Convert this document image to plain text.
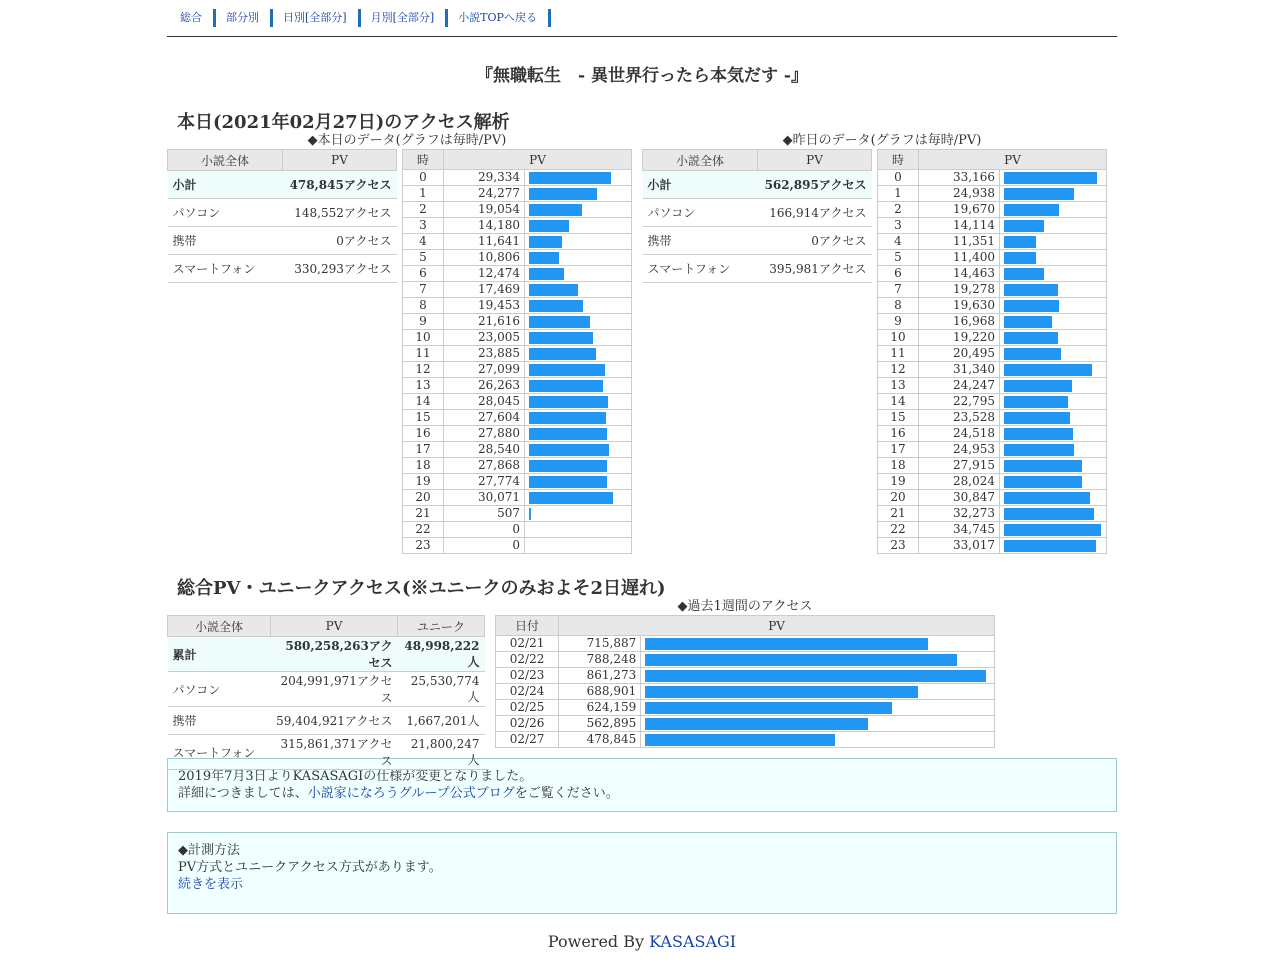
総合	部分別	日別[全部分]	月別[全部分]	小説TOPへ戻る
『無職転生　- 異世界行ったら本気だす -』
本日(2021年02月27日)のアクセス解析
小説全体	PV
小計	478,845アクセス
パソコン	148,552アクセス
携帯	0アクセス
スマートフォン	330,293アクセス
◆本日のデータ(グラフは毎時/PV)
時	PV	
0	29,334	

1	24,277	

2	19,054	

3	14,180	

4	11,641	

5	10,806	

6	12,474	

7	17,469	

8	19,453	

9	21,616	

10	23,005	

11	23,885	

12	27,099	

13	26,263	

14	28,045	

15	27,604	

16	27,880	

17	28,540	

18	27,868	

19	27,774	

20	30,071	

21	507	

22	0	
23	0	
小説全体	PV
小計	562,895アクセス
パソコン	166,914アクセス
携帯	0アクセス
スマートフォン	395,981アクセス
◆昨日のデータ(グラフは毎時/PV)
時	PV	
0	33,166	

1	24,938	

2	19,670	

3	14,114	

4	11,351	

5	11,400	

6	14,463	

7	19,278	

8	19,630	

9	16,968	

10	19,220	

11	20,495	

12	31,340	

13	24,247	

14	22,795	

15	23,528	

16	24,518	

17	24,953	

18	27,915	

19	28,024	

20	30,847	

21	32,273	

22	34,745	

23	33,017	
総合PV・ユニークアクセス(※ユニークのみおよそ2日遅れ)
小説全体	PV	ユニーク
累計	580,258,263アクセス	48,998,222人
パソコン	204,991,971アクセス	25,530,774人
携帯	59,404,921アクセス	1,667,201人
スマートフォン	315,861,371アクセス	21,800,247人
◆過去1週間のアクセス
日付	PV	
02/21	715,887	

02/22	788,248	

02/23	861,273	

02/24	688,901	

02/25	624,159	

02/26	562,895	

02/27	478,845	
2019年7月3日よりKASASAGIの仕様が変更となりました。
詳細につきましては、小説家になろうグループ公式ブログをご覧ください。
◆計測方法
PV方式とユニークアクセス方式があります。
続きを表示
Powered By KASASAGI
